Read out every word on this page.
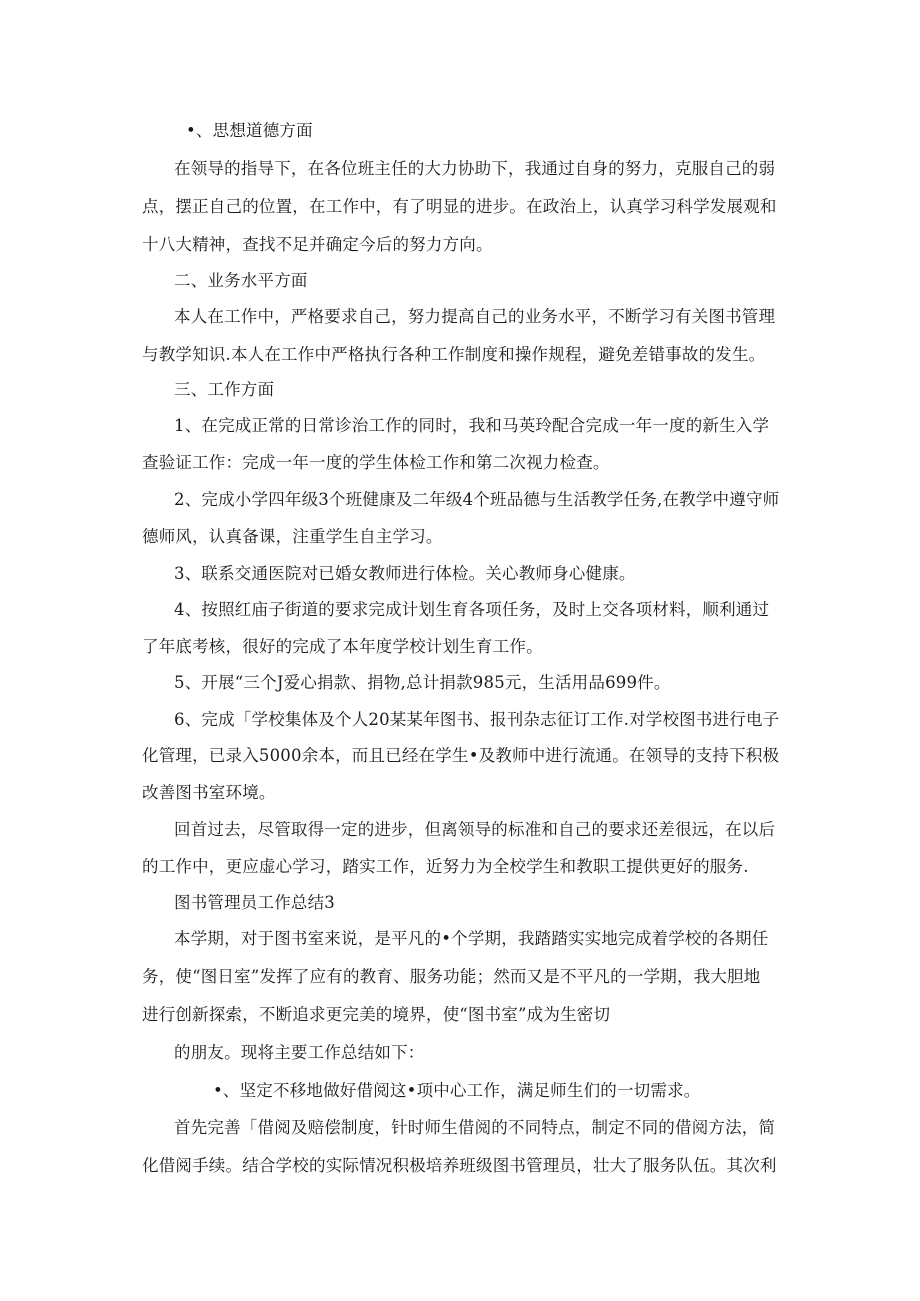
•、思想道德方面

在领导的指导下，在各位班主任的大力协助下，我通过自身的努力，克服自己的弱

点，摆正自己的位置，在工作中，有了明显的进步。在政治上，认真学习科学发展观和

十八大精神，查找不足并确定今后的努力方向。

二、业务水平方面

本人在工作中，严格要求自己，努力提高自己的业务水平，不断学习有关图书管理

与教学知识.本人在工作中严格执行各种工作制度和操作规程，避免差错事故的发生。

三、工作方面

1、在完成正常的日常诊治工作的同时，我和马英玲配合完成一年一度的新生入学

查验证工作：完成一年一度的学生体检工作和第二次视力检查。

2、完成小学四年级3个班健康及二年级4个班品德与生活教学任务,在教学中遵守师

德师风，认真备课，注重学生自主学习。

3、联系交通医院对已婚女教师进行体检。关心教师身心健康。

4、按照红庙子街道的要求完成计划生育各项任务，及时上交各项材料，顺利通过

了年底考核，很好的完成了本年度学校计划生育工作。

5、开展“三个J爱心捐款、捐物,总计捐款985元，生活用品699件。

6、完成「学校集体及个人20某某年图书、报刊杂志征订工作.对学校图书进行电子

化管理，已录入5000余本，而且已经在学生•及教师中进行流通。在领导的支持下积极

改善图书室环境。

回首过去，尽管取得一定的进步，但离领导的标准和自己的要求还差很远，在以后

的工作中，更应虚心学习，踏实工作，近努力为全校学生和教职工提供更好的服务.

图书管理员工作总结3

本学期，对于图书室来说，是平凡的•个学期，我踏踏实实地完成着学校的各期任

务，使“图日室”发挥了应有的教育、服务功能；然而又是不平凡的一学期，我大胆地

进行创新探索，不断追求更完美的境界，使“图书室”成为生密切

的朋友。现将主要工作总结如下：

•、坚定不移地做好借阅这•项中心工作，满足师生们的一切需求。

首先完善「借阅及赔偿制度，针时师生借阅的不同特点，制定不同的借阅方法，简

化借阅手续。结合学校的实际情况积极培养班级图书管理员，壮大了服务队伍。其次利
